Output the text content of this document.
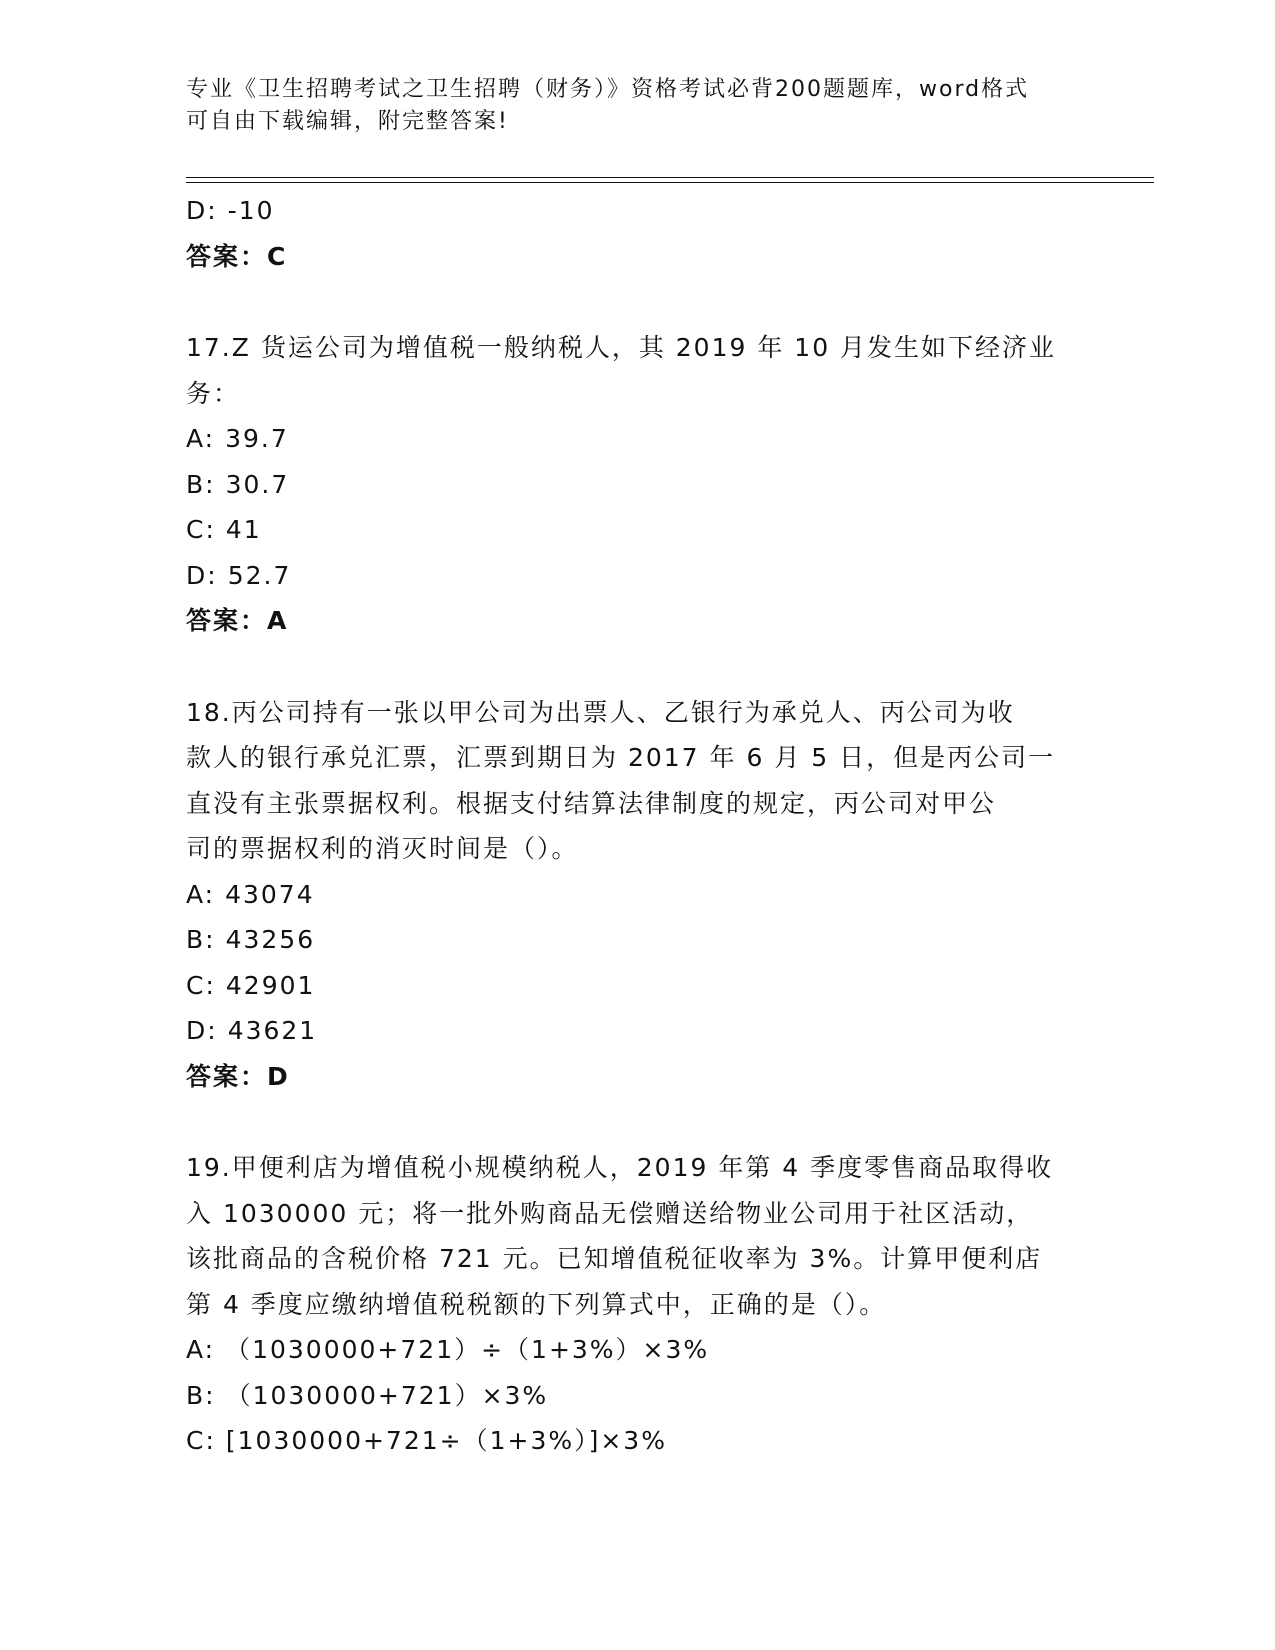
专业《卫生招聘考试之卫生招聘（财务）》资格考试必背200题题库，word格式
可自由下载编辑，附完整答案!
D: -10
答案：C
17.Z 货运公司为增值税一般纳税人，其 2019 年 10 月发生如下经济业
务：
A: 39.7
B: 30.7
C: 41
D: 52.7
答案：A
18.丙公司持有一张以甲公司为出票人、乙银行为承兑人、丙公司为收
款人的银行承兑汇票，汇票到期日为 2017 年 6 月 5 日，但是丙公司一
直没有主张票据权利。根据支付结算法律制度的规定，丙公司对甲公
司的票据权利的消灭时间是（）。
A: 43074
B: 43256
C: 42901
D: 43621
答案：D
19.甲便利店为增值税小规模纳税人，2019 年第 4 季度零售商品取得收
入 1030000 元；将一批外购商品无偿赠送给物业公司用于社区活动，
该批商品的含税价格 721 元。已知增值税征收率为 3%。计算甲便利店
第 4 季度应缴纳增值税税额的下列算式中，正确的是（）。
A: （1030000+721）÷（1+3%）×3%
B: （1030000+721）×3%
C: [1030000+721÷（1+3%）]×3%
